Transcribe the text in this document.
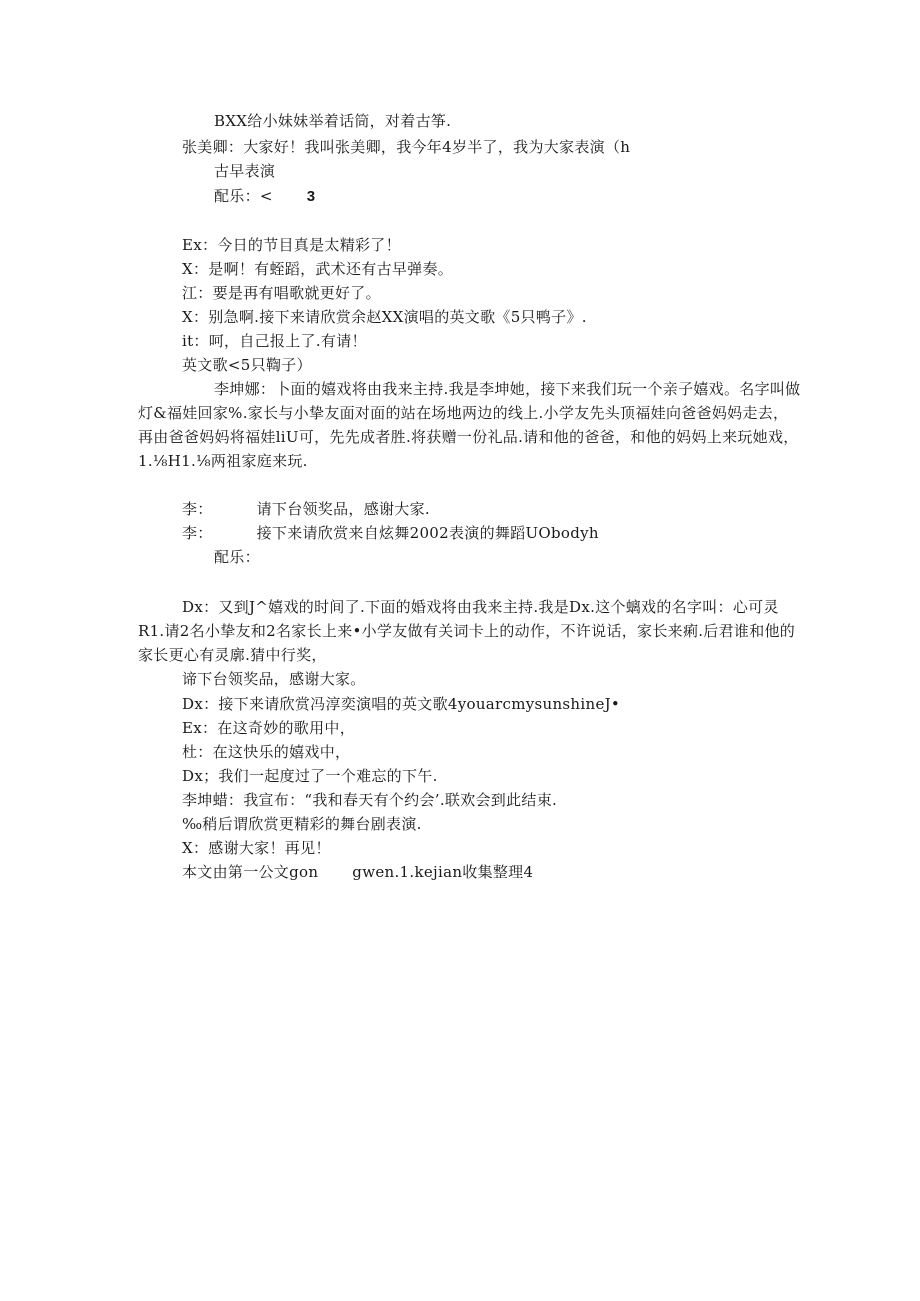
BXX给小妹妹举着话筒，对着古筝.
张美卿：大家好！我叫张美卿，我今年4岁半了，我为大家表演（h
古早表演
配乐：< 3
Ex：今日的节目真是太精彩了！
X：是啊！有蛭蹈，武术还有古早弹奏。
江：要是再有唱歌就更好了。
X：别急啊.接下来请欣赏余赵XX演唱的英文歌《5只鸭子》.
it：呵，自己报上了.有请！
英文歌<5只鞫子）
李坤娜：卜面的嬉戏将由我来主持.我是李坤她，接下来我们玩一个亲子嬉戏。名字叫做
灯&福娃回家%.家长与小挚友面对面的站在场地两边的线上.小学友先头顶福娃向爸爸妈妈走去，
再由爸爸妈妈将福娃liU可，先先成者胜.将获赠一份礼品.请和他的爸爸，和他的妈妈上来玩她戏，
1.⅛H1.⅛两祖家庭来玩.
李：	请下台领奖品，感谢大家.
李：	接下来请欣赏来自炫舞2002表演的舞蹈UObodyh
配乐：
Dx：又到J^嬉戏的时间了.下面的婚戏将由我来主持.我是Dx.这个螭戏的名字叫：心可灵
R1.请2名小挚友和2名家长上来•小学友做有关词卡上的动作，不许说话，家长来痢.后君谁和他的
家长更心有灵廓.猜中行奖，
谛下台领奖品，感谢大家。
Dx：接下来请欣赏冯淳奕演唱的英文歌4youarcmysunshineJ•
Ex：在这奇妙的歌用中，
杜：在这快乐的嬉戏中，
Dx；我们一起度过了一个难忘的下午.
李坤蜡：我宣布：“我和春天有个约会’.联欢会到此结束.
‰稍后谓欣赏更精彩的舞台剧表演.
X：感谢大家！再见！
本文由第一公文gon gwen.1.kejian收集整理4
